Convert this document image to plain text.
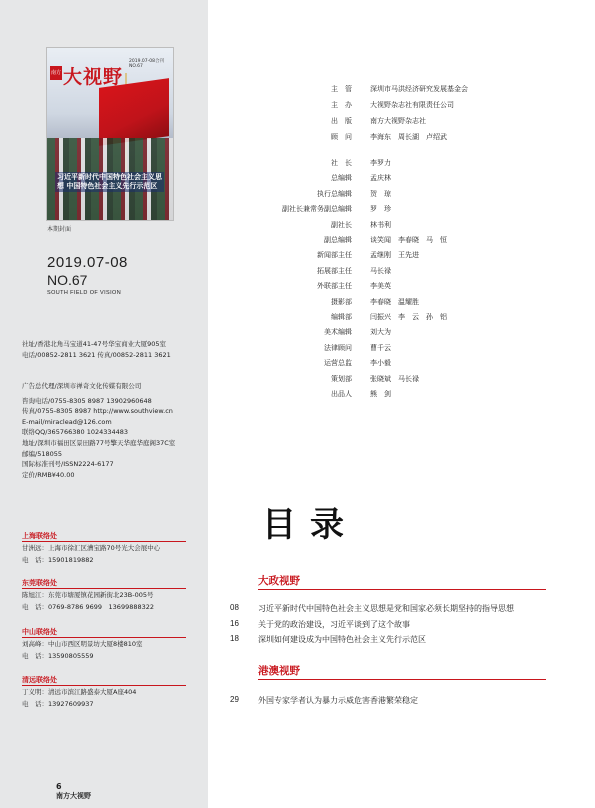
南方 大视野
2019.07-08合刊
NO.67
习近平新时代中国特色社会主义思想 中国特色社会主义先行示范区
本期封面
2019.07-08
NO.67
SOUTH FIELD OF VISION
社址/香港北角马宝道41-47号华宝商业大厦905室
电话/00852-2811 3621 传真/00852-2811 3621
广告总代理/深圳市禅奇文化传媒有限公司
咨询电话/0755-8305 8987 13902960648
传真/0755-8305 8987 http://www.southview.cn
E-mail/miraclead@126.com
联络QQ/365766380 1024334483
地址/深圳市福田区景田路77号擎天华庭华庭阁37C室
邮编/518055
国际标准刊号/ISSN2224-6177
定价/RMB¥40.00
上海联络处
甘洲远：上海市徐汇区漕宝路70号光大会展中心
电　话：15901819882
东莞联络处
陈旭江：东莞市塘厦镇花园新街北23B-005号
电　话：0769-8786 9699　13699888322
中山联络处
刘高峰：中山市西区明景坊大厦8楼810室
电　话：13590805559
清远联络处
丁义明：清远市滨江路盛泰大厦A座404
电　话：13927609937
6
南方大视野
主　管	深圳市马洪经济研究发展基金会
主　办	大视野杂志社有限责任公司
出　版	南方大视野杂志社
顾　问	李海东　周长湖　卢绍武
社　长	李罗力
总编辑	孟庆林
执行总编辑	贺　琼
副社长兼常务副总编辑	罗　珍
副社长	林书利
副总编辑	谈笑闻　李春晓　马　恒
新闻部主任	孟继刚　王先进
拓展部主任	马长禄
外联部主任	李美英
摄影部	李春晓　温耀胜
编辑部	闫振兴　李　云　孙　铝
美术编辑	刘大为
法律顾问	曹千云
运营总监	李小毅
策划部	张晓斌　马长禄
出品人	熊　剑
目录
大政视野
08 习近平新时代中国特色社会主义思想是党和国家必须长期坚持的指导思想
16 关于党的政治建设，习近平谈到了这个故事
18 深圳如何建设成为中国特色社会主义先行示范区
港澳视野
29 外国专家学者认为暴力示威危害香港繁荣稳定
